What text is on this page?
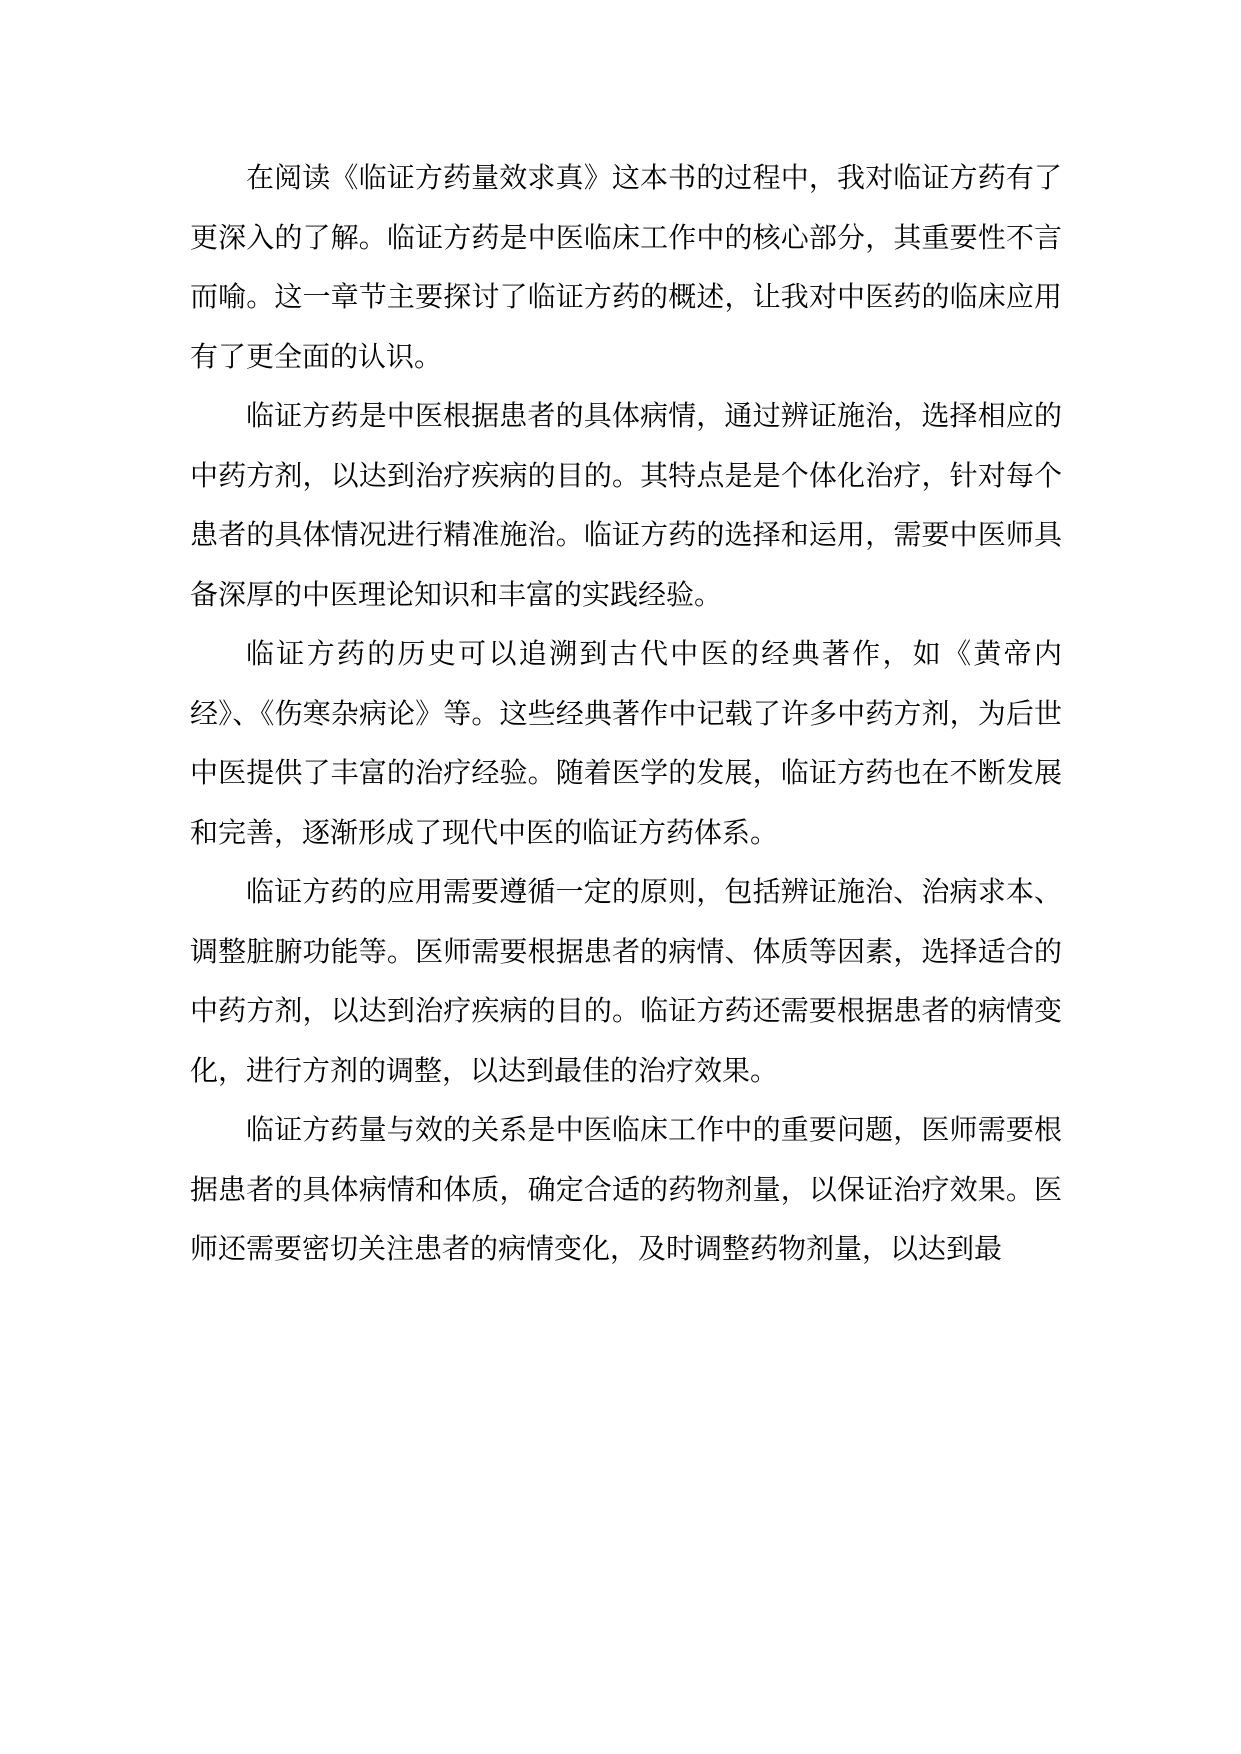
在阅读《临证方药量效求真》这本书的过程中，我对临证方药有了更深入的了解。临证方药是中医临床工作中的核心部分，其重要性不言而喻。这一章节主要探讨了临证方药的概述，让我对中医药的临床应用有了更全面的认识。

临证方药是中医根据患者的具体病情，通过辨证施治，选择相应的中药方剂，以达到治疗疾病的目的。其特点是是个体化治疗，针对每个患者的具体情况进行精准施治。临证方药的选择和运用，需要中医师具备深厚的中医理论知识和丰富的实践经验。

临证方药的历史可以追溯到古代中医的经典著作，如《黄帝内经》、《伤寒杂病论》等。这些经典著作中记载了许多中药方剂，为后世中医提供了丰富的治疗经验。随着医学的发展，临证方药也在不断发展和完善，逐渐形成了现代中医的临证方药体系。

临证方药的应用需要遵循一定的原则，包括辨证施治、治病求本、调整脏腑功能等。医师需要根据患者的病情、体质等因素，选择适合的中药方剂，以达到治疗疾病的目的。临证方药还需要根据患者的病情变化，进行方剂的调整，以达到最佳的治疗效果。

临证方药量与效的关系是中医临床工作中的重要问题，医师需要根据患者的具体病情和体质，确定合适的药物剂量，以保证治疗效果。医师还需要密切关注患者的病情变化，及时调整药物剂量，以达到最
